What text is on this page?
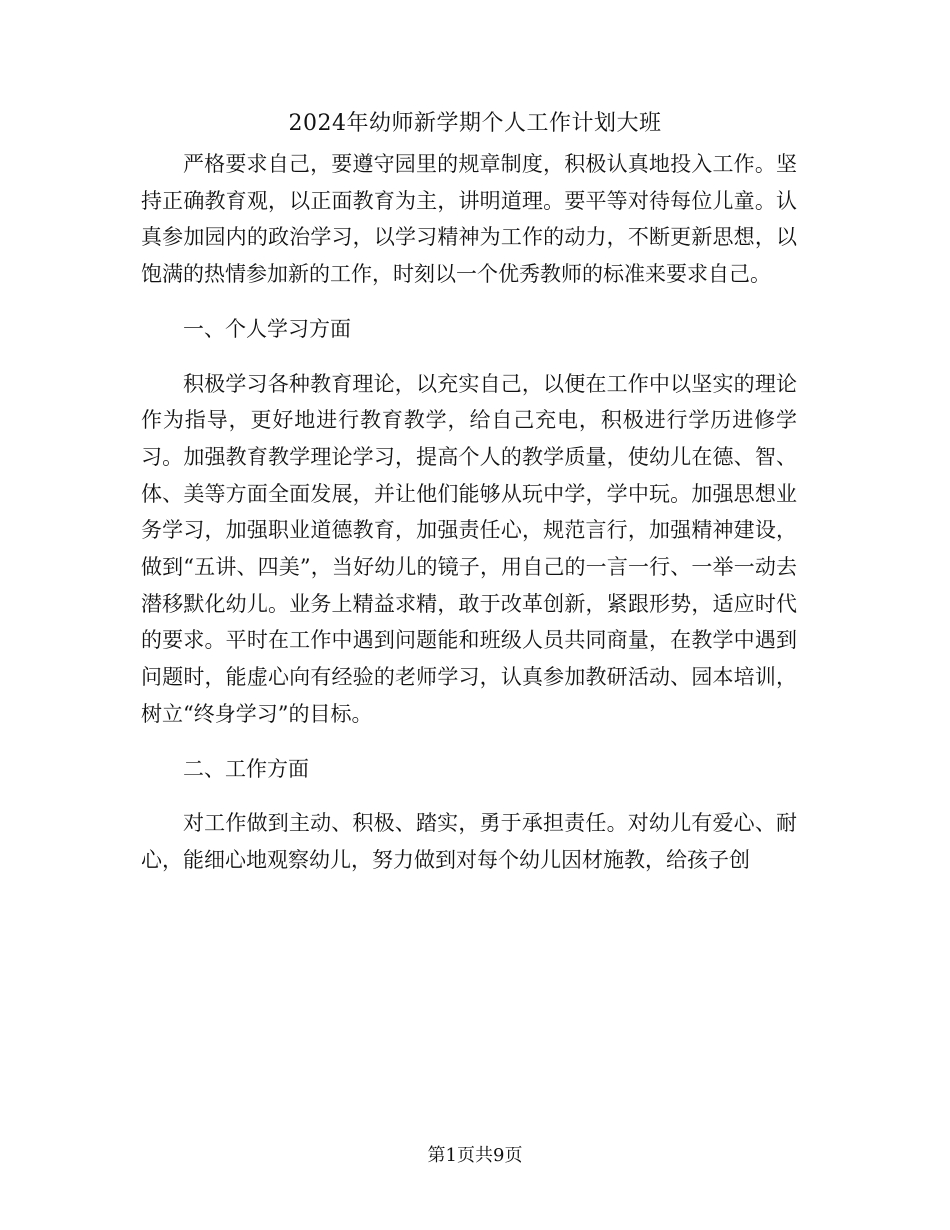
2024年幼师新学期个人工作计划大班

严格要求自己，要遵守园里的规章制度，积极认真地投入工作。坚持正确教育观，以正面教育为主，讲明道理。要平等对待每位儿童。认真参加园内的政治学习，以学习精神为工作的动力，不断更新思想，以饱满的热情参加新的工作，时刻以一个优秀教师的标准来要求自己。

一、个人学习方面

积极学习各种教育理论，以充实自己，以便在工作中以坚实的理论作为指导，更好地进行教育教学，给自己充电，积极进行学历进修学习。加强教育教学理论学习，提高个人的教学质量，使幼儿在德、智、体、美等方面全面发展，并让他们能够从玩中学，学中玩。加强思想业务学习，加强职业道德教育，加强责任心，规范言行，加强精神建设，做到“五讲、四美”，当好幼儿的镜子，用自己的一言一行、一举一动去潜移默化幼儿。业务上精益求精，敢于改革创新，紧跟形势，适应时代的要求。平时在工作中遇到问题能和班级人员共同商量，在教学中遇到问题时，能虚心向有经验的老师学习，认真参加教研活动、园本培训，树立“终身学习”的目标。

二、工作方面

对工作做到主动、积极、踏实，勇于承担责任。对幼儿有爱心、耐心，能细心地观察幼儿，努力做到对每个幼儿因材施教，给孩子创

第1页共9页
